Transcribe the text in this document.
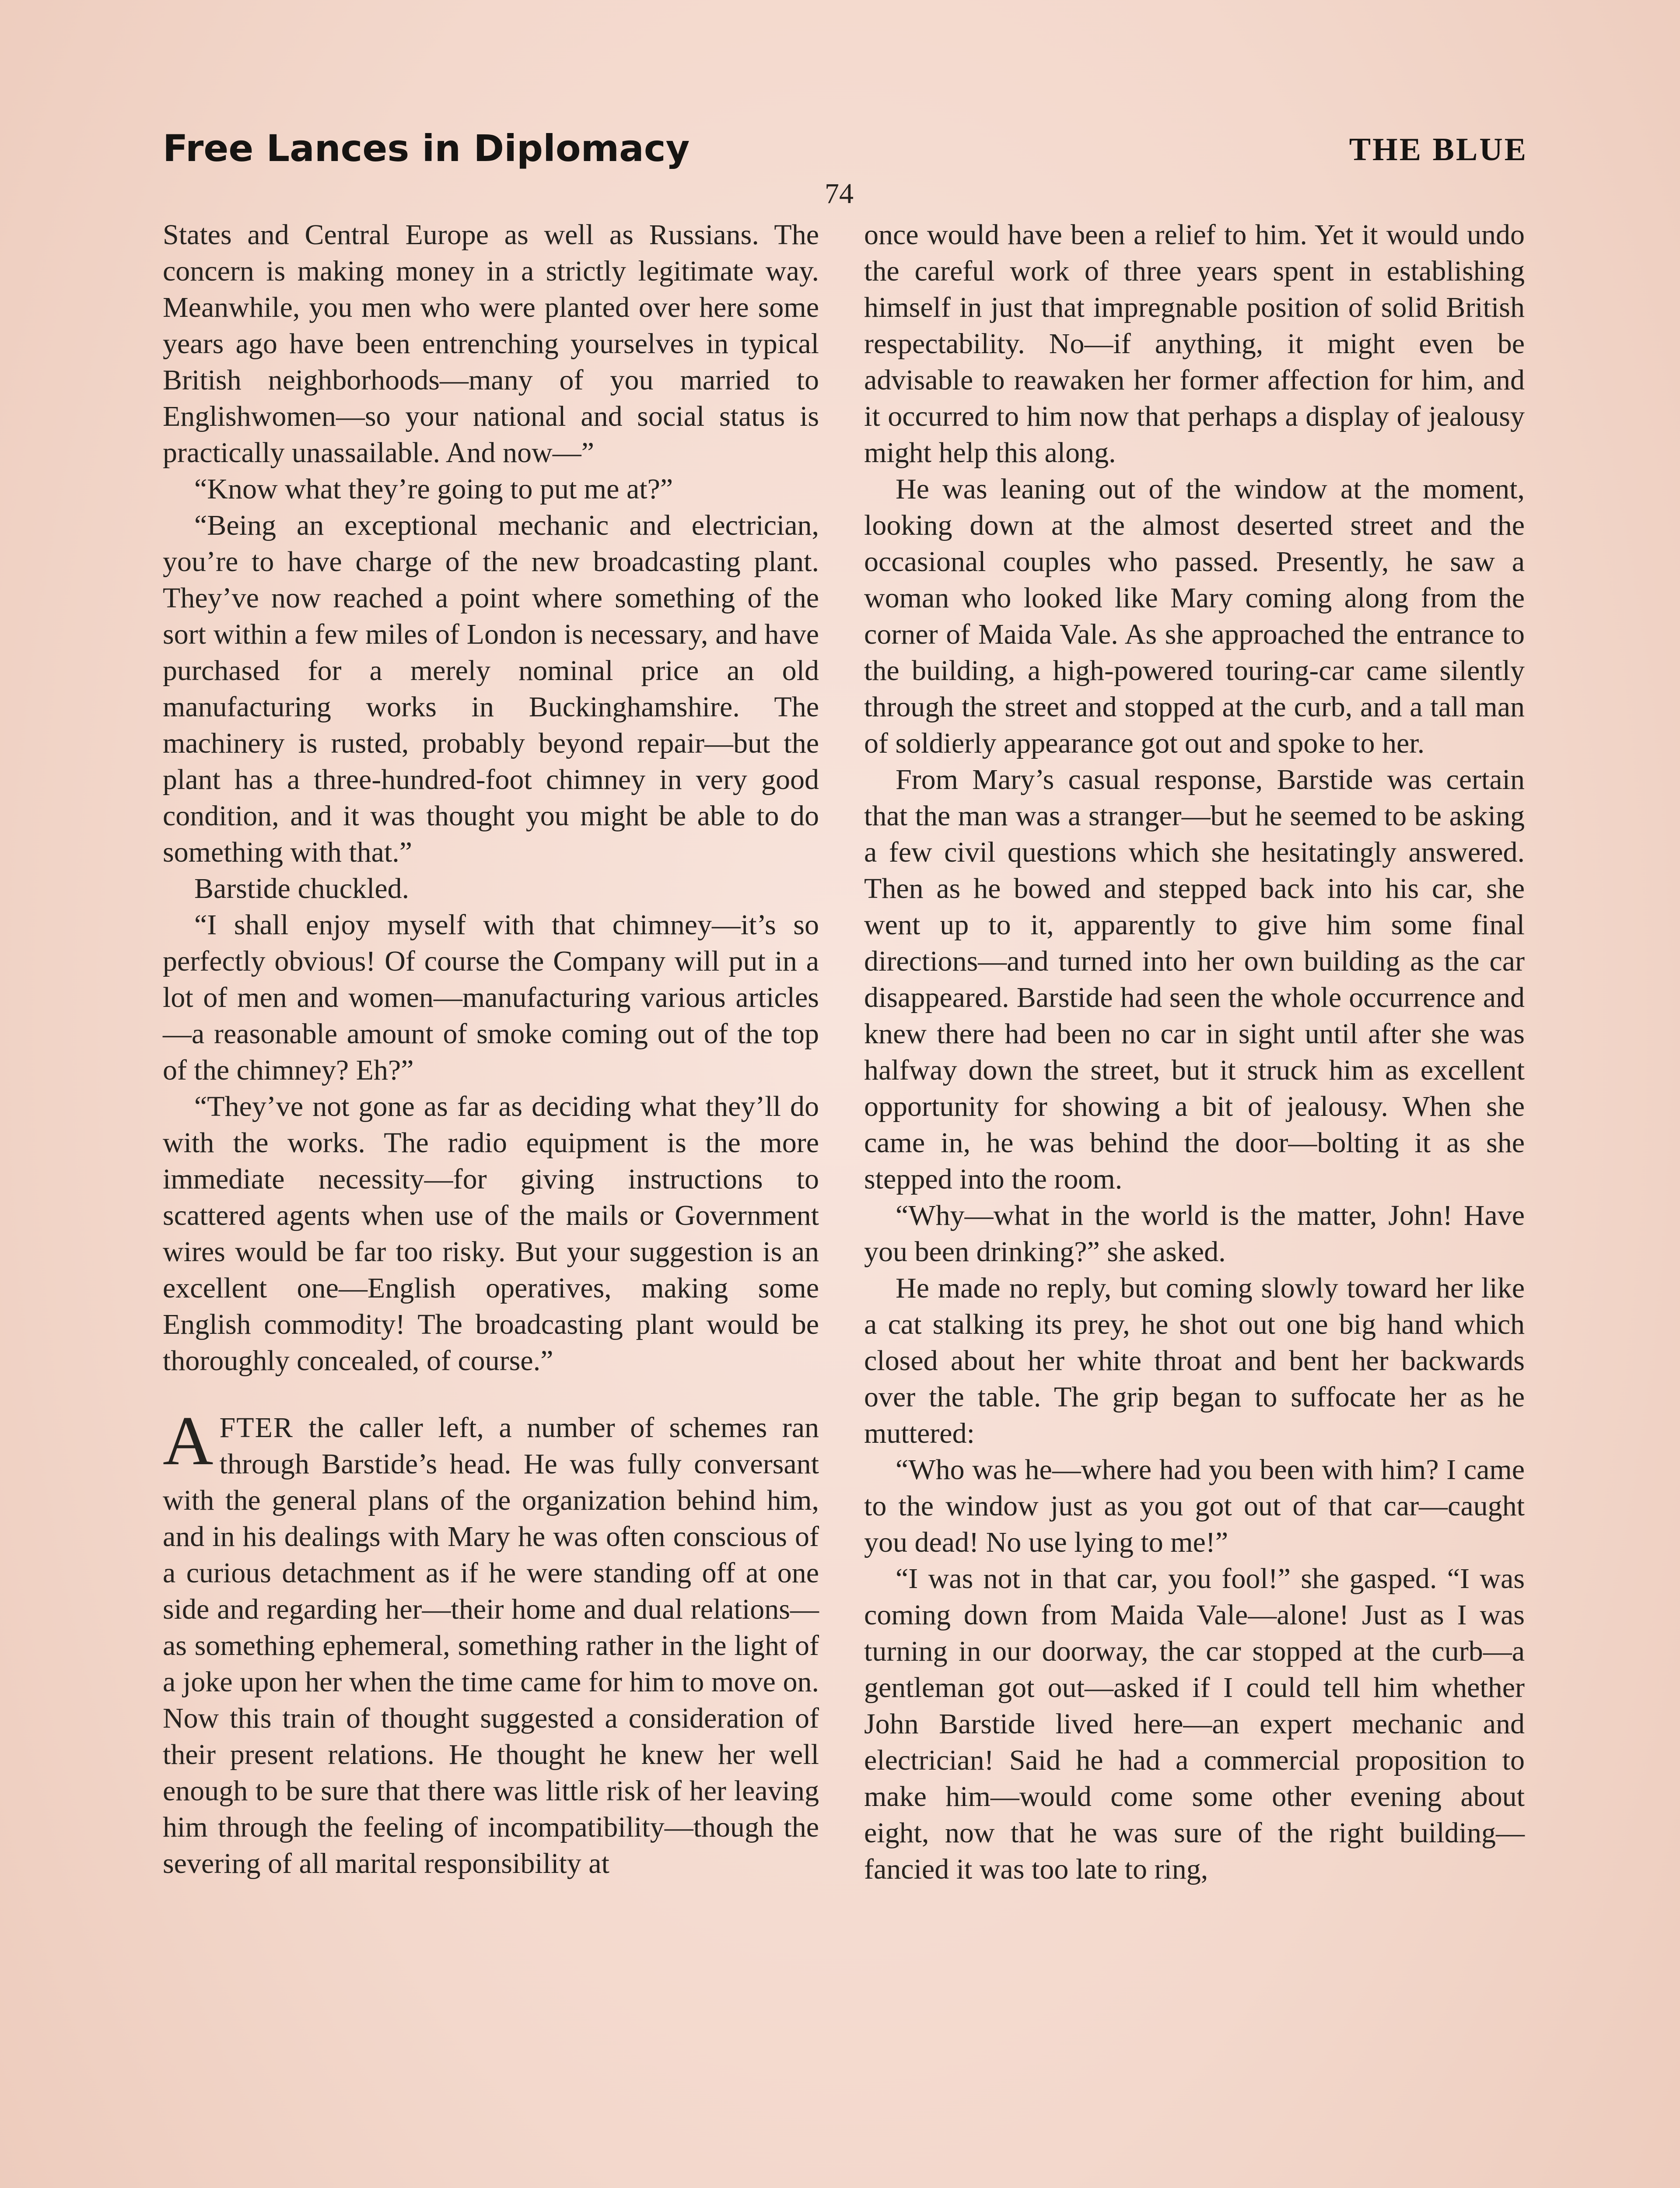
Free Lances in Diplomacy	THE BLUE
74

States and Central Europe as well as Russians. The concern is making money in a strictly legitimate way. Meanwhile, you men who were planted over here some years ago have been entrenching yourselves in typical British neighborhoods—many of you married to Englishwomen—so your national and social status is practically unassailable. And now—”

“Know what they’re going to put me at?”

“Being an exceptional mechanic and electrician, you’re to have charge of the new broadcasting plant. They’ve now reached a point where something of the sort within a few miles of London is necessary, and have purchased for a merely nominal price an old manufacturing works in Buckinghamshire. The machinery is rusted, probably beyond repair—but the plant has a three-hundred-foot chimney in very good condition, and it was thought you might be able to do something with that.”

Barstide chuckled.

“I shall enjoy myself with that chimney—it’s so perfectly obvious! Of course the Company will put in a lot of men and women—manufacturing various articles—a reasonable amount of smoke coming out of the top of the chimney? Eh?”

“They’ve not gone as far as deciding what they’ll do with the works. The radio equipment is the more immediate necessity—for giving instructions to scattered agents when use of the mails or Government wires would be far too risky. But your suggestion is an excellent one—English operatives, making some English commodity! The broadcasting plant would be thoroughly concealed, of course.”

AFTER the caller left, a number of schemes ran through Barstide’s head. He was fully conversant with the general plans of the organization behind him, and in his dealings with Mary he was often conscious of a curious detachment as if he were standing off at one side and regarding her—their home and dual relations—as something ephemeral, something rather in the light of a joke upon her when the time came for him to move on. Now this train of thought suggested a consideration of their present relations. He thought he knew her well enough to be sure that there was little risk of her leaving him through the feeling of incompatibility—though the severing of all marital responsibility at

once would have been a relief to him. Yet it would undo the careful work of three years spent in establishing himself in just that impregnable position of solid British respectability. No—if anything, it might even be advisable to reawaken her former affection for him, and it occurred to him now that perhaps a display of jealousy might help this along.

He was leaning out of the window at the moment, looking down at the almost deserted street and the occasional couples who passed. Presently, he saw a woman who looked like Mary coming along from the corner of Maida Vale. As she approached the entrance to the building, a high-powered touring-car came silently through the street and stopped at the curb, and a tall man of soldierly appearance got out and spoke to her.

From Mary’s casual response, Barstide was certain that the man was a stranger—but he seemed to be asking a few civil questions which she hesitatingly answered. Then as he bowed and stepped back into his car, she went up to it, apparently to give him some final directions—and turned into her own building as the car disappeared. Barstide had seen the whole occurrence and knew there had been no car in sight until after she was halfway down the street, but it struck him as excellent opportunity for showing a bit of jealousy. When she came in, he was behind the door—bolting it as she stepped into the room.

“Why—what in the world is the matter, John! Have you been drinking?” she asked.

He made no reply, but coming slowly toward her like a cat stalking its prey, he shot out one big hand which closed about her white throat and bent her backwards over the table. The grip began to suffocate her as he muttered:

“Who was he—where had you been with him? I came to the window just as you got out of that car—caught you dead! No use lying to me!”

“I was not in that car, you fool!” she gasped. “I was coming down from Maida Vale—alone! Just as I was turning in our doorway, the car stopped at the curb—a gentleman got out—asked if I could tell him whether John Barstide lived here—an expert mechanic and electrician! Said he had a commercial proposition to make him—would come some other evening about eight, now that he was sure of the right building—fancied it was too late to ring,
